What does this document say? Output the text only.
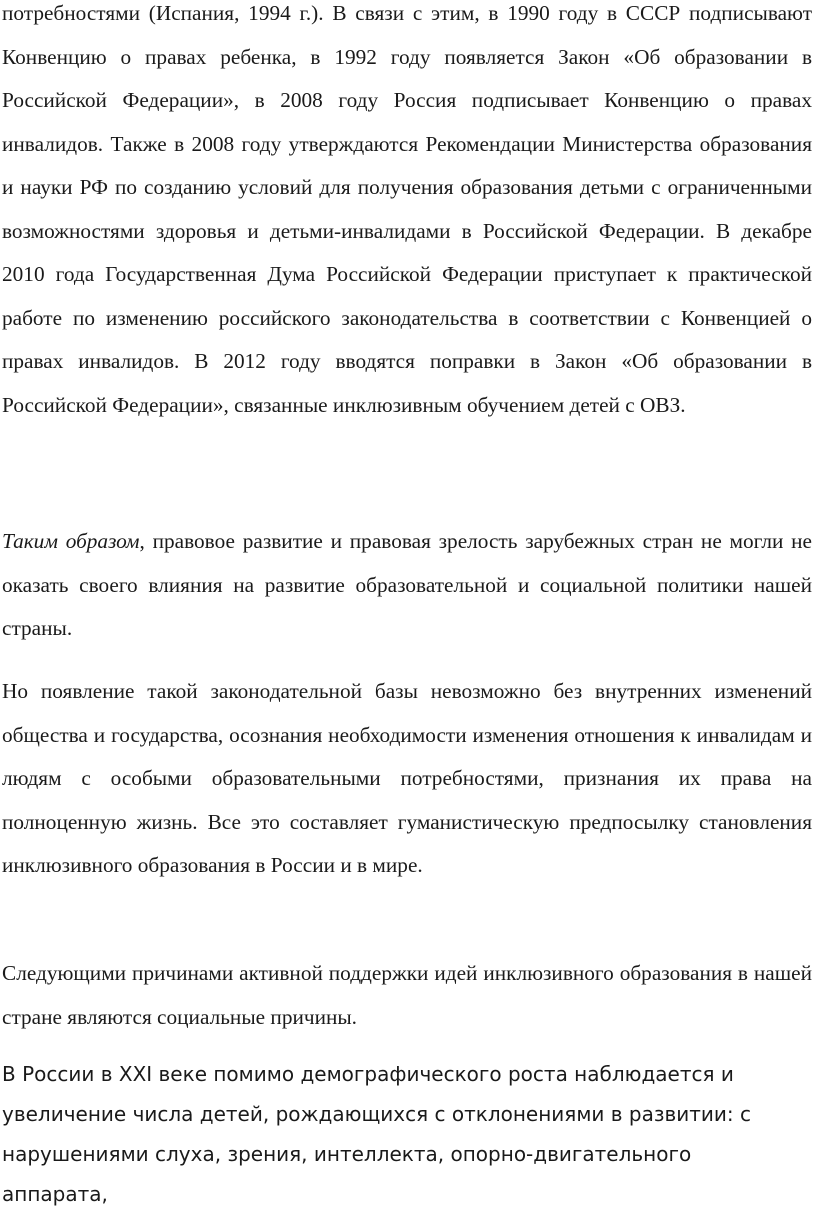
потребностями (Испания, 1994 г.). В связи с этим, в 1990 году в СССР подписывают Конвенцию о правах ребенка, в 1992 году появляется Закон «Об образовании в Российской Федерации», в 2008 году Россия подписывает Конвенцию о правах инвалидов. Также в 2008 году утверждаются Рекомендации Министерства образования и науки РФ по созданию условий для получения образования детьми с ограниченными возможностями здоровья и детьми-инвалидами в Российской Федерации. В декабре 2010 года Государственная Дума Российской Федерации приступает к практической работе по изменению российского законодательства в соответствии с Конвенцией о правах инвалидов. В 2012 году вводятся поправки в Закон «Об образовании в Российской Федерации», связанные инклюзивным обучением детей с ОВЗ.

Таким образом, правовое развитие и правовая зрелость зарубежных стран не могли не оказать своего влияния на развитие образовательной и социальной политики нашей страны.

Но появление такой законодательной базы невозможно без внутренних изменений общества и государства, осознания необходимости изменения отношения к инвалидам и людям с особыми образовательными потребностями, признания их права на полноценную жизнь. Все это составляет гуманистическую предпосылку становления инклюзивного образования в России и в мире.

Следующими причинами активной поддержки идей инклюзивного образования в нашей стране являются социальные причины.

В России в XXI веке помимо демографического роста наблюдается и увеличение числа детей, рождающихся с отклонениями в развитии: с нарушениями слуха, зрения, интеллекта, опорно-двигательного аппарата,
